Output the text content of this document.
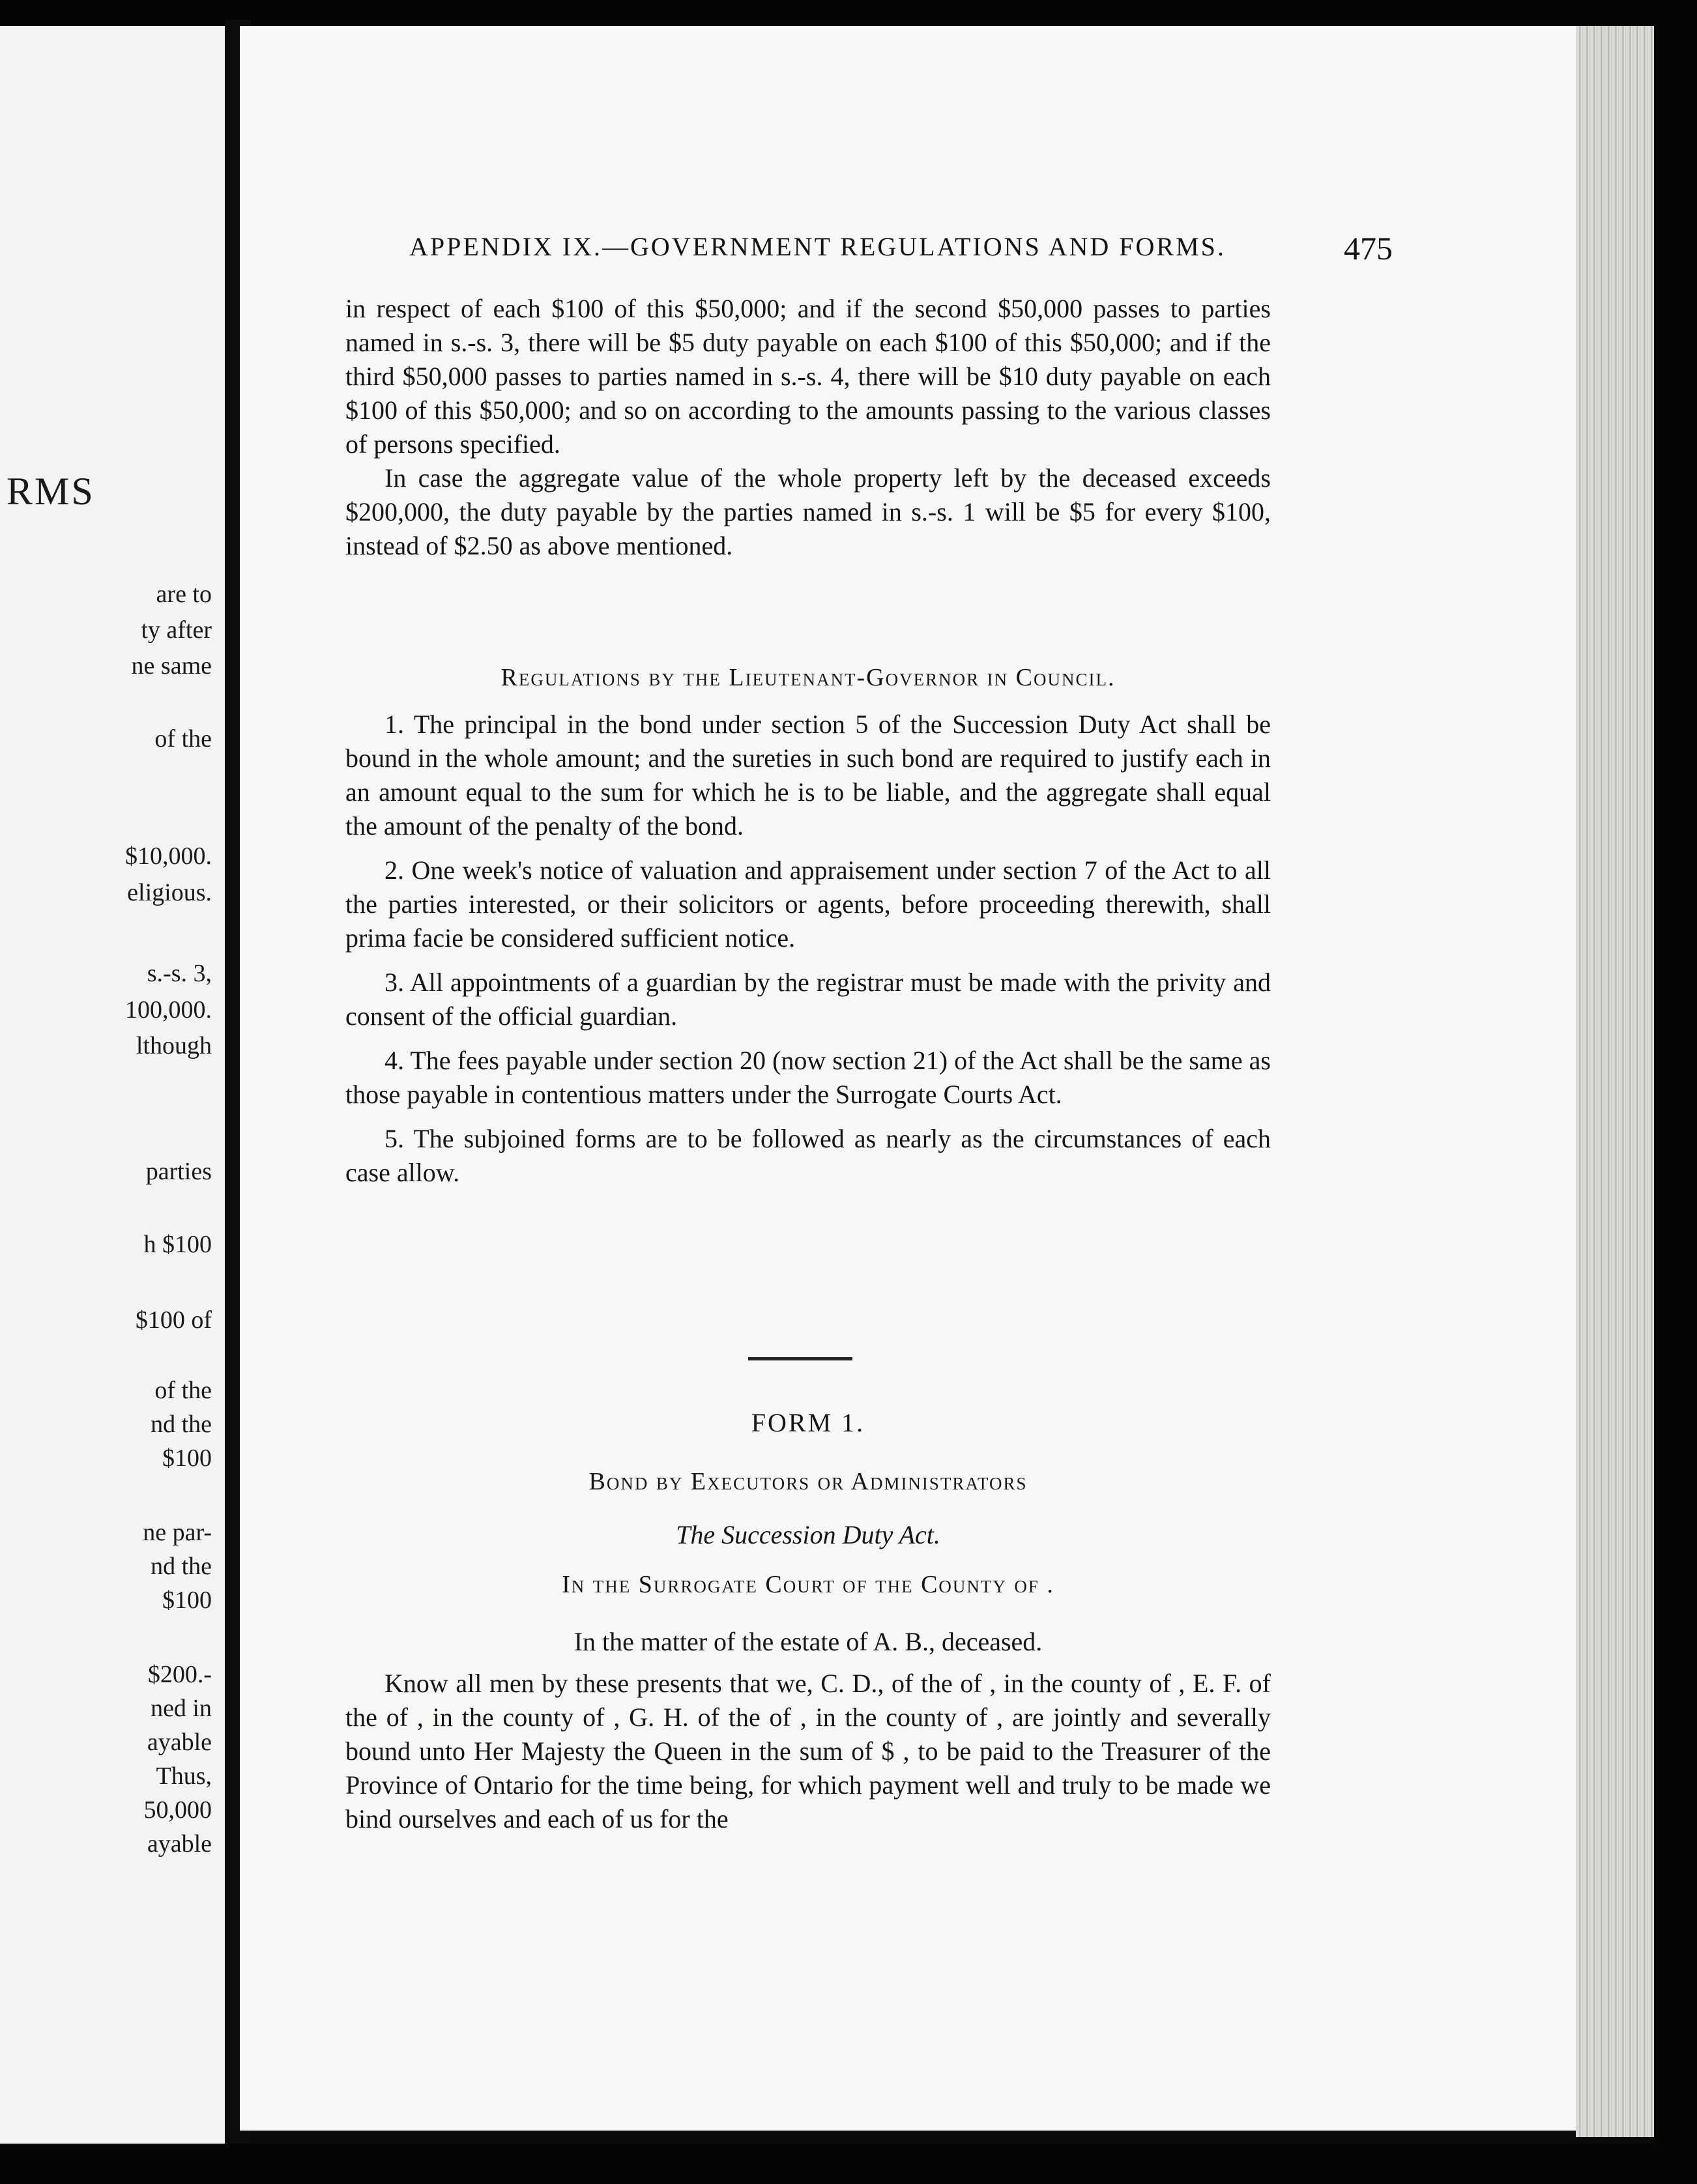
RMS
are to
ty after
ne same
of the
$10,000.
eligious.
s.-s. 3,
100,000.
lthough
parties
h $100
$100 of
of the
nd the
$100
ne par-
nd the
$100
$200.-
ned in
ayable
Thus,
50,000
ayable
APPENDIX IX.—GOVERNMENT REGULATIONS AND FORMS.	475

in respect of each $100 of this $50,000; and if the second $50,000 passes to parties named in s.-s. 3, there will be $5 duty payable on each $100 of this $50,000; and if the third $50,000 passes to parties named in s.-s. 4, there will be $10 duty payable on each $100 of this $50,000; and so on according to the amounts passing to the various classes of persons specified.

In case the aggregate value of the whole property left by the deceased exceeds $200,000, the duty payable by the parties named in s.-s. 1 will be $5 for every $100, instead of $2.50 as above mentioned.

Regulations by the Lieutenant-Governor in Council.

1. The principal in the bond under section 5 of the Succession Duty Act shall be bound in the whole amount; and the sureties in such bond are required to justify each in an amount equal to the sum for which he is to be liable, and the aggregate shall equal the amount of the penalty of the bond.

2. One week's notice of valuation and appraisement under section 7 of the Act to all the parties interested, or their solicitors or agents, before proceeding therewith, shall prima facie be considered sufficient notice.

3. All appointments of a guardian by the registrar must be made with the privity and consent of the official guardian.

4. The fees payable under section 20 (now section 21) of the Act shall be the same as those payable in contentious matters under the Surrogate Courts Act.

5. The subjoined forms are to be followed as nearly as the circumstances of each case allow.

FORM 1.
Bond by Executors or Administrators
The Succession Duty Act.
In the Surrogate Court of the County of .
In the matter of the estate of A. B., deceased.

Know all men by these presents that we, C. D., of the of , in the county of , E. F. of the of , in the county of , G. H. of the of , in the county of , are jointly and severally bound unto Her Majesty the Queen in the sum of $ , to be paid to the Treasurer of the Province of Ontario for the time being, for which payment well and truly to be made we bind ourselves and each of us for the
